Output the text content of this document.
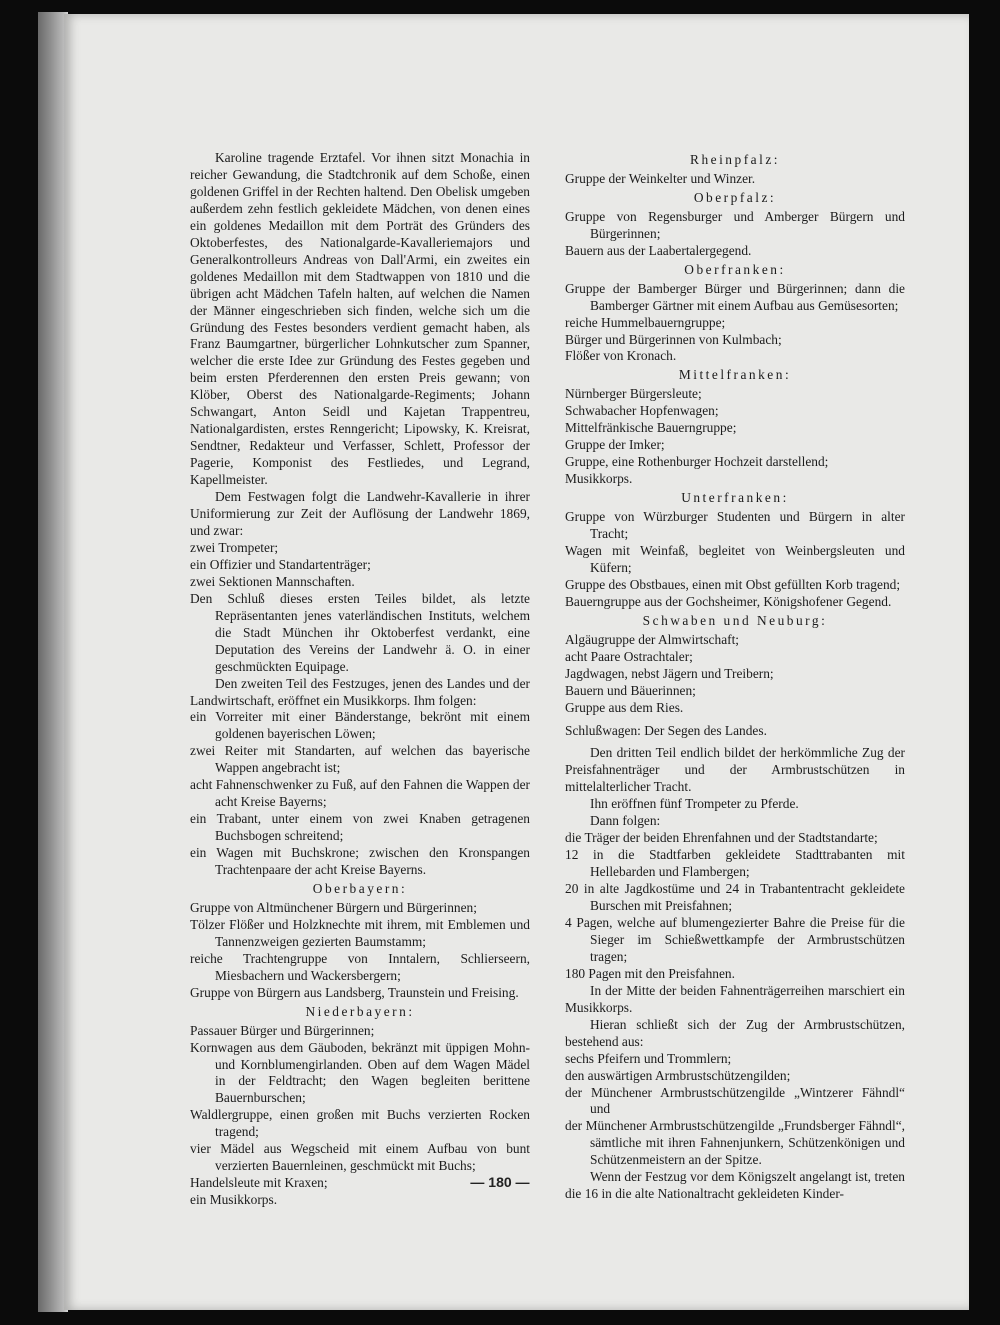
Karoline tragende Erztafel. Vor ihnen sitzt Monachia in reicher Gewandung, die Stadtchronik auf dem Schoße, einen goldenen Griffel in der Rechten haltend. Den Obelisk umgeben außerdem zehn festlich gekleidete Mädchen, von denen eines ein goldenes Medaillon mit dem Porträt des Gründers des Oktoberfestes, des Nationalgarde-Kavalleriemajors und Generalkontrolleurs Andreas von Dall'Armi, ein zweites ein goldenes Medaillon mit dem Stadtwappen von 1810 und die übrigen acht Mädchen Tafeln halten, auf welchen die Namen der Männer eingeschrieben sich finden, welche sich um die Gründung des Festes besonders verdient gemacht haben, als Franz Baumgartner, bürgerlicher Lohnkutscher zum Spanner, welcher die erste Idee zur Gründung des Festes gegeben und beim ersten Pferderennen den ersten Preis gewann; von Klöber, Oberst des Nationalgarde-Regiments; Johann Schwangart, Anton Seidl und Kajetan Trappentreu, Nationalgardisten, erstes Renngericht; Lipowsky, K. Kreisrat, Sendtner, Redakteur und Verfasser, Schlett, Professor der Pagerie, Komponist des Festliedes, und Legrand, Kapellmeister.

Dem Festwagen folgt die Landwehr-Kavallerie in ihrer Uniformierung zur Zeit der Auflösung der Landwehr 1869, und zwar:

zwei Trompeter;

ein Offizier und Standartenträger;

zwei Sektionen Mannschaften.

Den Schluß dieses ersten Teiles bildet, als letzte Repräsentanten jenes vaterländischen Instituts, welchem die Stadt München ihr Oktoberfest verdankt, eine Deputation des Vereins der Landwehr ä. O. in einer geschmückten Equipage.

Den zweiten Teil des Festzuges, jenen des Landes und der Landwirtschaft, eröffnet ein Musikkorps. Ihm folgen:

ein Vorreiter mit einer Bänderstange, bekrönt mit einem goldenen bayerischen Löwen;

zwei Reiter mit Standarten, auf welchen das bayerische Wappen angebracht ist;

acht Fahnenschwenker zu Fuß, auf den Fahnen die Wappen der acht Kreise Bayerns;

ein Trabant, unter einem von zwei Knaben getragenen Buchsbogen schreitend;

ein Wagen mit Buchskrone; zwischen den Kronspangen Trachtenpaare der acht Kreise Bayerns.

Oberbayern:

Gruppe von Altmünchener Bürgern und Bürgerinnen;

Tölzer Flößer und Holzknechte mit ihrem, mit Emblemen und Tannenzweigen gezierten Baumstamm;

reiche Trachtengruppe von Inntalern, Schlierseern, Miesbachern und Wackersbergern;

Gruppe von Bürgern aus Landsberg, Traunstein und Freising.

Niederbayern:

Passauer Bürger und Bürgerinnen;

Kornwagen aus dem Gäuboden, bekränzt mit üppigen Mohn- und Kornblumengirlanden. Oben auf dem Wagen Mädel in der Feldtracht; den Wagen begleiten berittene Bauernburschen;

Waldlergruppe, einen großen mit Buchs verzierten Rocken tragend;

vier Mädel aus Wegscheid mit einem Aufbau von bunt verzierten Bauernleinen, geschmückt mit Buchs;

Handelsleute mit Kraxen;

ein Musikkorps.

Rheinpfalz:

Gruppe der Weinkelter und Winzer.

Oberpfalz:

Gruppe von Regensburger und Amberger Bürgern und Bürgerinnen;

Bauern aus der Laabertalergegend.

Oberfranken:

Gruppe der Bamberger Bürger und Bürgerinnen; dann die Bamberger Gärtner mit einem Aufbau aus Gemüsesorten;

reiche Hummelbauerngruppe;

Bürger und Bürgerinnen von Kulmbach;

Flößer von Kronach.

Mittelfranken:

Nürnberger Bürgersleute;

Schwabacher Hopfenwagen;

Mittelfränkische Bauerngruppe;

Gruppe der Imker;

Gruppe, eine Rothenburger Hochzeit darstellend;

Musikkorps.

Unterfranken:

Gruppe von Würzburger Studenten und Bürgern in alter Tracht;

Wagen mit Weinfaß, begleitet von Weinbergsleuten und Küfern;

Gruppe des Obstbaues, einen mit Obst gefüllten Korb tragend;

Bauerngruppe aus der Gochsheimer, Königshofener Gegend.

Schwaben und Neuburg:

Algäugruppe der Almwirtschaft;

acht Paare Ostrachtaler;

Jagdwagen, nebst Jägern und Treibern;

Bauern und Bäuerinnen;

Gruppe aus dem Ries.

Schlußwagen: Der Segen des Landes.

Den dritten Teil endlich bildet der herkömmliche Zug der Preisfahnenträger und der Armbrustschützen in mittelalterlicher Tracht.

Ihn eröffnen fünf Trompeter zu Pferde.

Dann folgen:

die Träger der beiden Ehrenfahnen und der Stadtstandarte;

12 in die Stadtfarben gekleidete Stadttrabanten mit Hellebarden und Flambergen;

20 in alte Jagdkostüme und 24 in Trabantentracht gekleidete Burschen mit Preisfahnen;

4 Pagen, welche auf blumengezierter Bahre die Preise für die Sieger im Schießwettkampfe der Armbrustschützen tragen;

180 Pagen mit den Preisfahnen.

In der Mitte der beiden Fahnenträgerreihen marschiert ein Musikkorps.

Hieran schließt sich der Zug der Armbrustschützen, bestehend aus:

sechs Pfeifern und Trommlern;

den auswärtigen Armbrustschützengilden;

der Münchener Armbrustschützengilde „Wintzerer Fähndl“ und

der Münchener Armbrustschützengilde „Frundsberger Fähndl“, sämtliche mit ihren Fahnenjunkern, Schützenkönigen und Schützenmeistern an der Spitze.

Wenn der Festzug vor dem Königszelt angelangt ist, treten die 16 in die alte Nationaltracht gekleideten Kinder-

— 180 —
